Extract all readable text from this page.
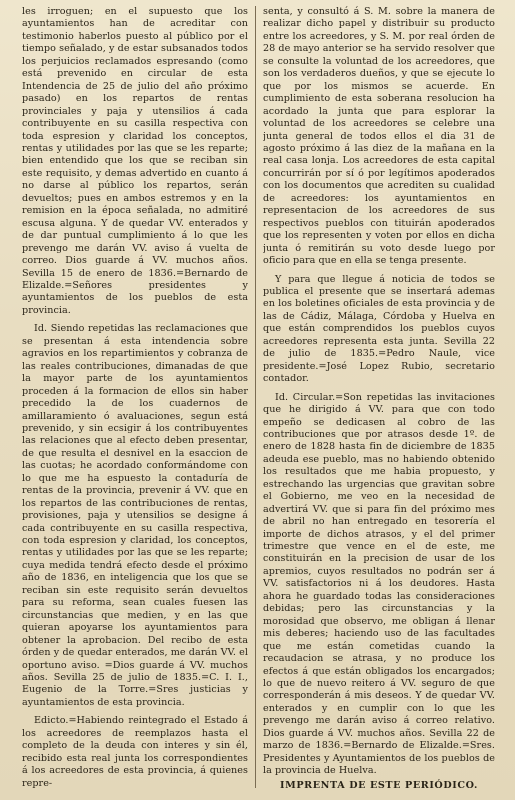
les irroguen; en el supuesto que los ayuntamientos han de acreditar con testimonio haberlos puesto al público por el tiempo señalado, y de estar subsanados todos los perjuicios reclamados espresando (como está prevenido en circular de esta Intendencia de 25 de julio del año próximo pasado) en los repartos de rentas provinciales y paja y utensilios á cada contribuyente en su casilla respectiva con toda espresion y claridad los conceptos, rentas y utilidades por las que se les reparte; bien entendido que los que se reciban sin este requisito, y demas advertido en cuanto á no darse al público los repartos, serán devueltos; pues en ambos estremos y en la remision en la época señalada, no admitiré escusa alguna. Y de quedar VV. enterados y de dar puntual cumplimiento á lo que les prevengo me darán VV. aviso á vuelta de correo. Dios guarde á VV. muchos años. Sevilla 15 de enero de 1836.=Bernardo de Elizalde.=Señores presidentes y ayuntamientos de los pueblos de esta provincia.

Id. Siendo repetidas las reclamaciones que se presentan á esta intendencia sobre agravios en los repartimientos y cobranza de las reales contribuciones, dimanadas de que la mayor parte de los ayuntamientos proceden á la formacion de ellos sin haber precedido la de los cuadernos de amillaramiento ó avaluaciones, segun está prevenido, y sin ecsigir á los contribuyentes las relaciones que al efecto deben presentar, de que resulta el desnivel en la esaccion de las cuotas; he acordado conformándome con lo que me ha espuesto la contaduría de rentas de la provincia, prevenir á VV. que en los repartos de las contribuciones de rentas, provisiones, paja y utensilios se designe á cada contribuyente en su casilla respectiva, con toda espresion y claridad, los conceptos, rentas y utilidades por las que se les reparte; cuya medida tendrá efecto desde el próximo año de 1836, en inteligencia que los que se reciban sin este requisito serán devueltos para su reforma, sean cuales fuesen las circunstancias que medien, y en las que quieran apoyarse los ayuntamientos para obtener la aprobacion. Del recibo de esta órden y de quedar enterados, me darán VV. el oportuno aviso. =Dios guarde á VV. muchos años. Sevilla 25 de julio de 1835.=C. I. I., Eugenio de la Torre.=Sres justicias y ayuntamientos de esta provincia.

Edicto.=Habiendo reintegrado el Estado á los acreedores de reemplazos hasta el completo de la deuda con interes y sin él, recibido esta real junta los correspondientes á los acreedores de esta provincia, á quienes repre-

senta, y consultó á S. M. sobre la manera de realizar dicho papel y distribuir su producto entre los acreedores, y S. M. por real órden de 28 de mayo anterior se ha servido resolver que se consulte la voluntad de los acreedores, que son los verdaderos dueños, y que se ejecute lo que por los mismos se acuerde. En cumplimiento de esta soberana resolucion ha acordado la junta que para esplorar la voluntad de los acreedores se celebre una junta general de todos ellos el dia 31 de agosto próximo á las diez de la mañana en la real casa lonja. Los acreedores de esta capital concurrirán por sí ó por legítimos apoderados con los documentos que acrediten su cualidad de acreedores: los ayuntamientos en representacion de los acreedores de sus respectivos pueblos con tituirán apoderados que los representen y voten por ellos en dicha junta ó remitirán su voto desde luego por oficio para que en ella se tenga presente.

Y para que llegue á noticia de todos se publica el presente que se insertará ademas en los boletines oficiales de esta provincia y de las de Cádiz, Málaga, Córdoba y Huelva en que están comprendidos los pueblos cuyos acreedores representa esta junta. Sevilla 22 de julio de 1835.=Pedro Naule, vice presidente.=José Lopez Rubio, secretario contador.

Id. Circular.=Son repetidas las invitaciones que he dirigido á VV. para que con todo empeño se dedicasen al cobro de las contribuciones que por atrasos desde 1º. de enero de 1828 hasta fin de diciembre de 1835 adeuda ese pueblo, mas no habiendo obtenido los resultados que me habia propuesto, y estrechando las urgencias que gravitan sobre el Gobierno, me veo en la necesidad de advertirá VV. que si para fin del próximo mes de abril no han entregado en tesorería el importe de dichos atrasos, y el del primer trimestre que vence en el de este, me constituirán en la precision de usar de los apremios, cuyos resultados no podrán ser á VV. satisfactorios ni á los deudores. Hasta ahora he guardado todas las consideraciones debidas; pero las circunstancias y la morosidad que observo, me obligan á llenar mis deberes; haciendo uso de las facultades que me están cometidas cuando la recaudacion se atrasa, y no produce los efectos á que están obligados los encargados; lo que de nuevo reitero á VV. seguro de que corresponderán á mis deseos. Y de quedar VV. enterados y en cumplir con lo que les prevengo me darán aviso á correo relativo. Dios guarde á VV. muchos años. Sevilla 22 de marzo de 1836.=Bernardo de Elizalde.=Sres. Presidentes y Ayuntamientos de los pueblos de la provincia de Huelva.

IMPRENTA DE ESTE PERIÓDICO.
